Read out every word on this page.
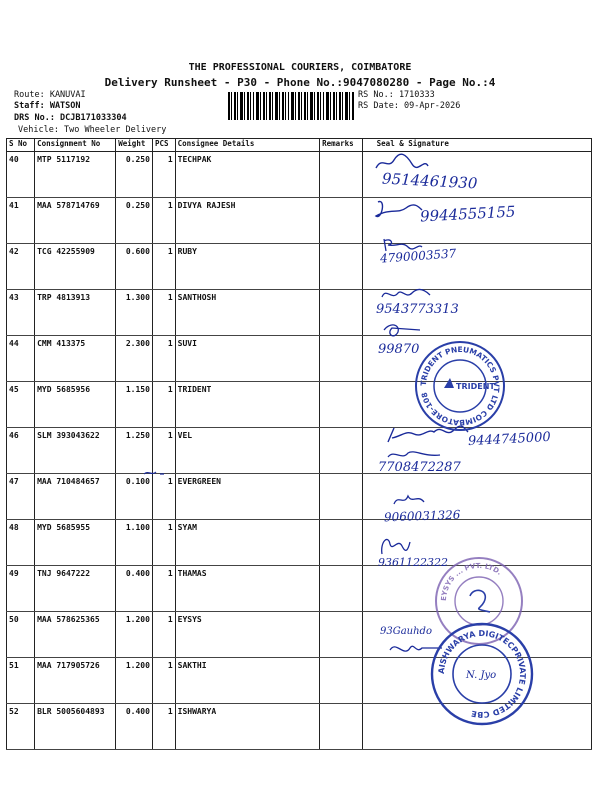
THE PROFESSIONAL COURIERS, COIMBATORE
Delivery Runsheet - P30 - Phone No.:9047080280 - Page No.:4
Route: KANUVAI
Staff: WATSON
DRS No.: DCJB171033304
Vehicle: Two Wheeler Delivery
RS No.: 1710333
RS Date: 09-Apr-2026
S No	Consignment No	Weight	PCS	Consignee Details	Remarks	Seal & Signature
40	MTP 5117192	0.250	1	TECHPAK		
41	MAA 578714769	0.250	1	DIVYA RAJESH		
42	TCG 42255909	0.600	1	RUBY		
43	TRP 4813913	1.300	1	SANTHOSH		
44	CMM 413375	2.300	1	SUVI		
45	MYD 5685956	1.150	1	TRIDENT		
46	SLM 393043622	1.250	1	VEL		
47	MAA 710484657	0.100	1	EVERGREEN		
48	MYD 5685955	1.100	1	SYAM		
49	TNJ 9647222	0.400	1	THAMAS		
50	MAA 578625365	1.200	1	EYSYS		
51	MAA 717905726	1.200	1	SAKTHI		
52	BLR 5005604893	0.400	1	ISHWARYA		
9514461930
9944555155
4790003537
9543773313
99870
9444745000
7708472287
9060031326
9361122322
93Gauhdo
TRIDENT PNEUMATICS PVT LTD COIMBATORE-108
TRIDENT
EYSYS ... PVT. LTD.
AISHWARYA DIGITECPRIVATE LIMITED CBE
N. Jyo
